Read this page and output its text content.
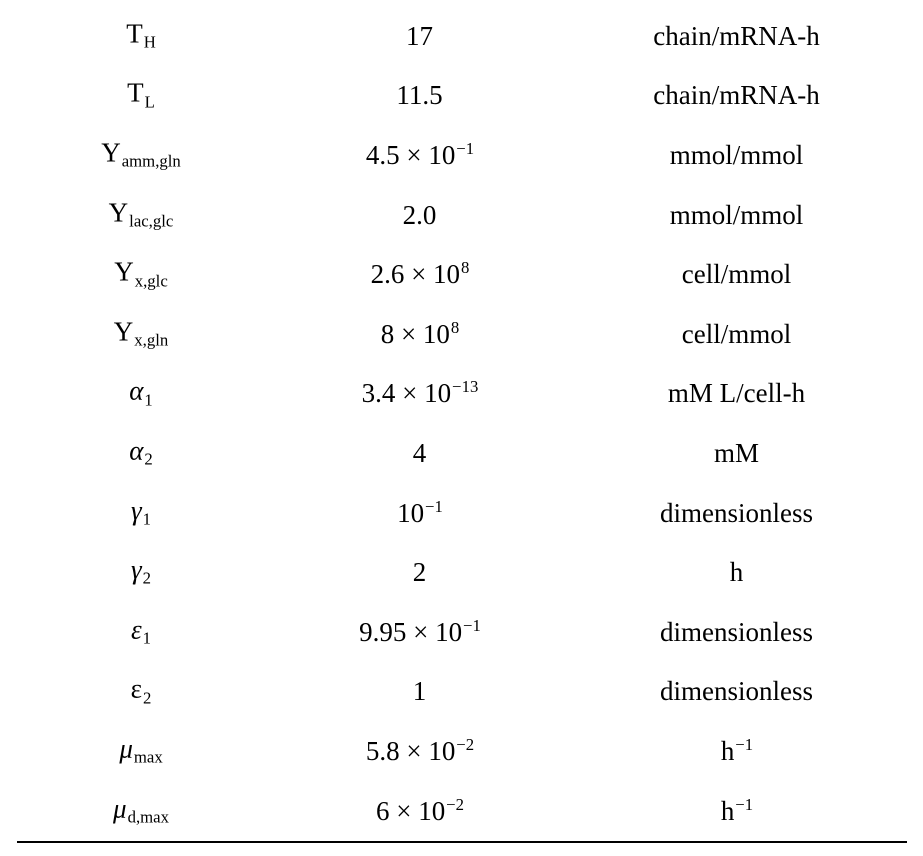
$T_H$	17	chain/mRNA-h
$T_L$	11.5	chain/mRNA-h
$Y_{amm,gln}$	$4.5 \times 10^{-1}$	mmol/mmol
$Y_{lac,glc}$	2.0	mmol/mmol
$Y_{x,glc}$	$2.6 \times 10^8$	cell/mmol
$Y_{x,gln}$	$8 \times 10^8$	cell/mmol
$\alpha_1$	$3.4 \times 10^{-13}$	mM L/cell-h
$\alpha_2$	4	mM
$\gamma_1$	$10^{-1}$	dimensionless
$\gamma_2$	2	h
$\varepsilon_1$	$9.95 \times 10^{-1}$	dimensionless
$\varepsilon_2$	1	dimensionless
$\mu_{max}$	$5.8 \times 10^{-2}$	$h^{-1}$
$\mu_{d,max}$	$6 \times 10^{-2}$	$h^{-1}$
